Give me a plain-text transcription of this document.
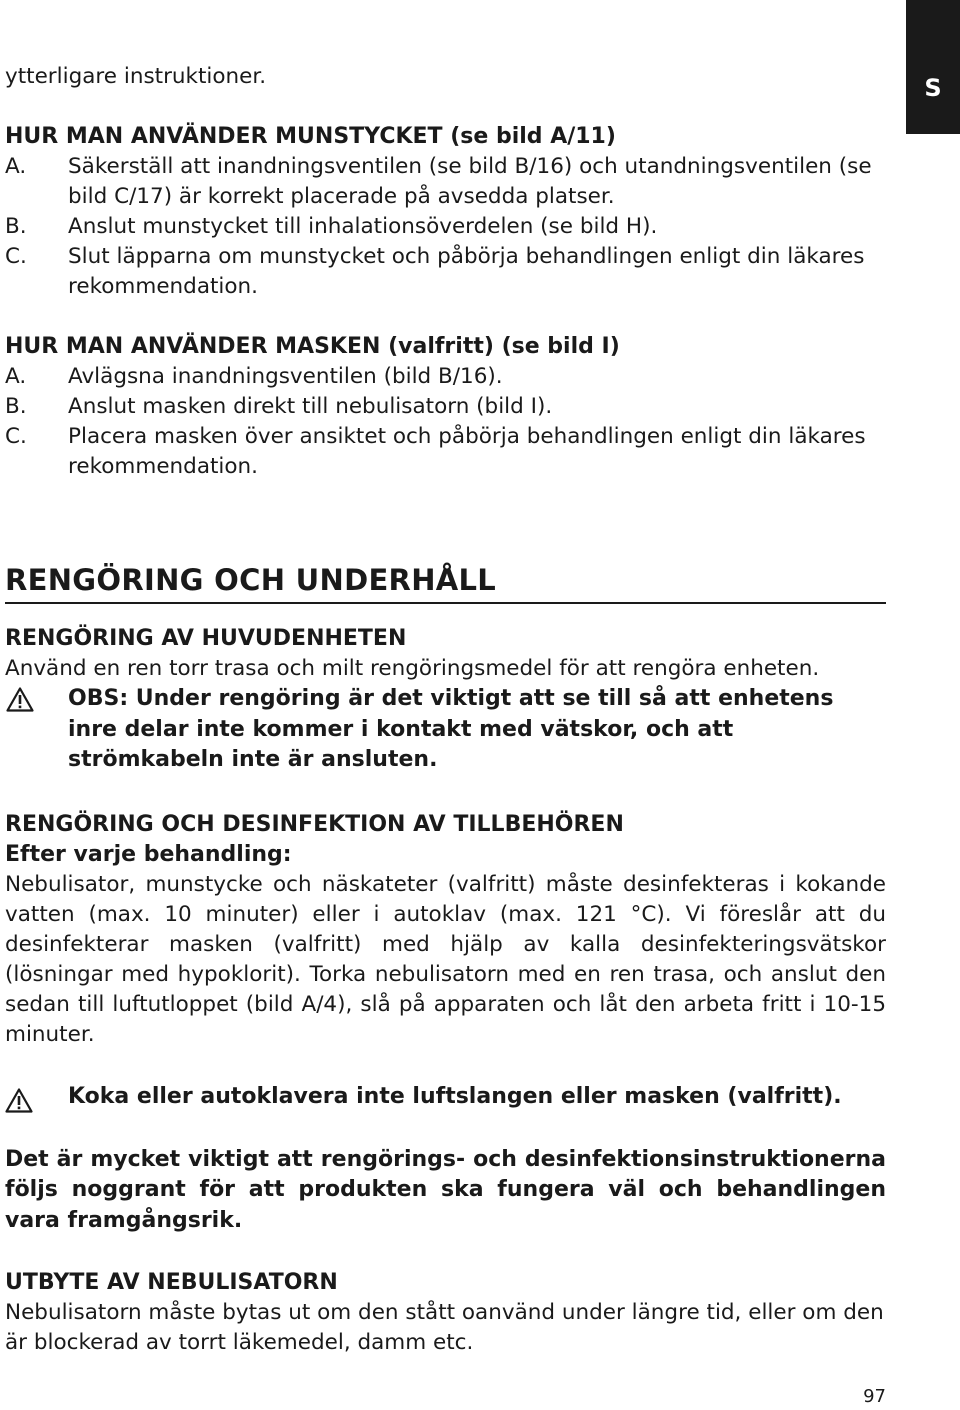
S

ytterligare instruktioner.

HUR MAN ANVÄNDER MUNSTYCKET (se bild A/11)
A.	Säkerställ att inandningsventilen (se bild B/16) och utandningsventilen (se bild C/17) är korrekt placerade på avsedda platser.
B.	Anslut munstycket till inhalationsöverdelen (se bild H).
C.	Slut läpparna om munstycket och påbörja behandlingen enligt din läkares rekommendation.
HUR MAN ANVÄNDER MASKEN (valfritt) (se bild I)
A.	Avlägsna inandningsventilen (bild B/16).
B.	Anslut masken direkt till nebulisatorn (bild I).
C.	Placera masken över ansiktet och påbörja behandlingen enligt din läkares rekommendation.
RENGÖRING OCH UNDERHÅLL
RENGÖRING AV HUVUDENHETEN

Använd en ren torr trasa och milt rengöringsmedel för att rengöra enheten.

OBS: Under rengöring är det viktigt att se till så att enhetens inre delar inte kommer i kontakt med vätskor, och att strömkabeln inte är ansluten.
RENGÖRING OCH DESINFEKTION AV TILLBEHÖREN

Efter varje behandling:

Nebulisator, munstycke och näskateter (valfritt) måste desinfekteras i kokande vatten (max. 10 minuter) eller i autoklav (max. 121 °C). Vi föreslår att du desinfekterar masken (valfritt) med hjälp av kalla desinfekteringsvätskor (lösningar med hypoklorit). Torka nebulisatorn med en ren trasa, och anslut den sedan till luftutloppet (bild A/4), slå på apparaten och låt den arbeta fritt i 10-15 minuter.

Koka eller autoklavera inte luftslangen eller masken (valfritt).

Det är mycket viktigt att rengörings- och desinfektionsinstruktionerna följs noggrant för att produkten ska fungera väl och behandlingen vara framgångsrik.

UTBYTE AV NEBULISATORN

Nebulisatorn måste bytas ut om den stått oanvänd under längre tid, eller om den är blockerad av torrt läkemedel, damm etc.

97
